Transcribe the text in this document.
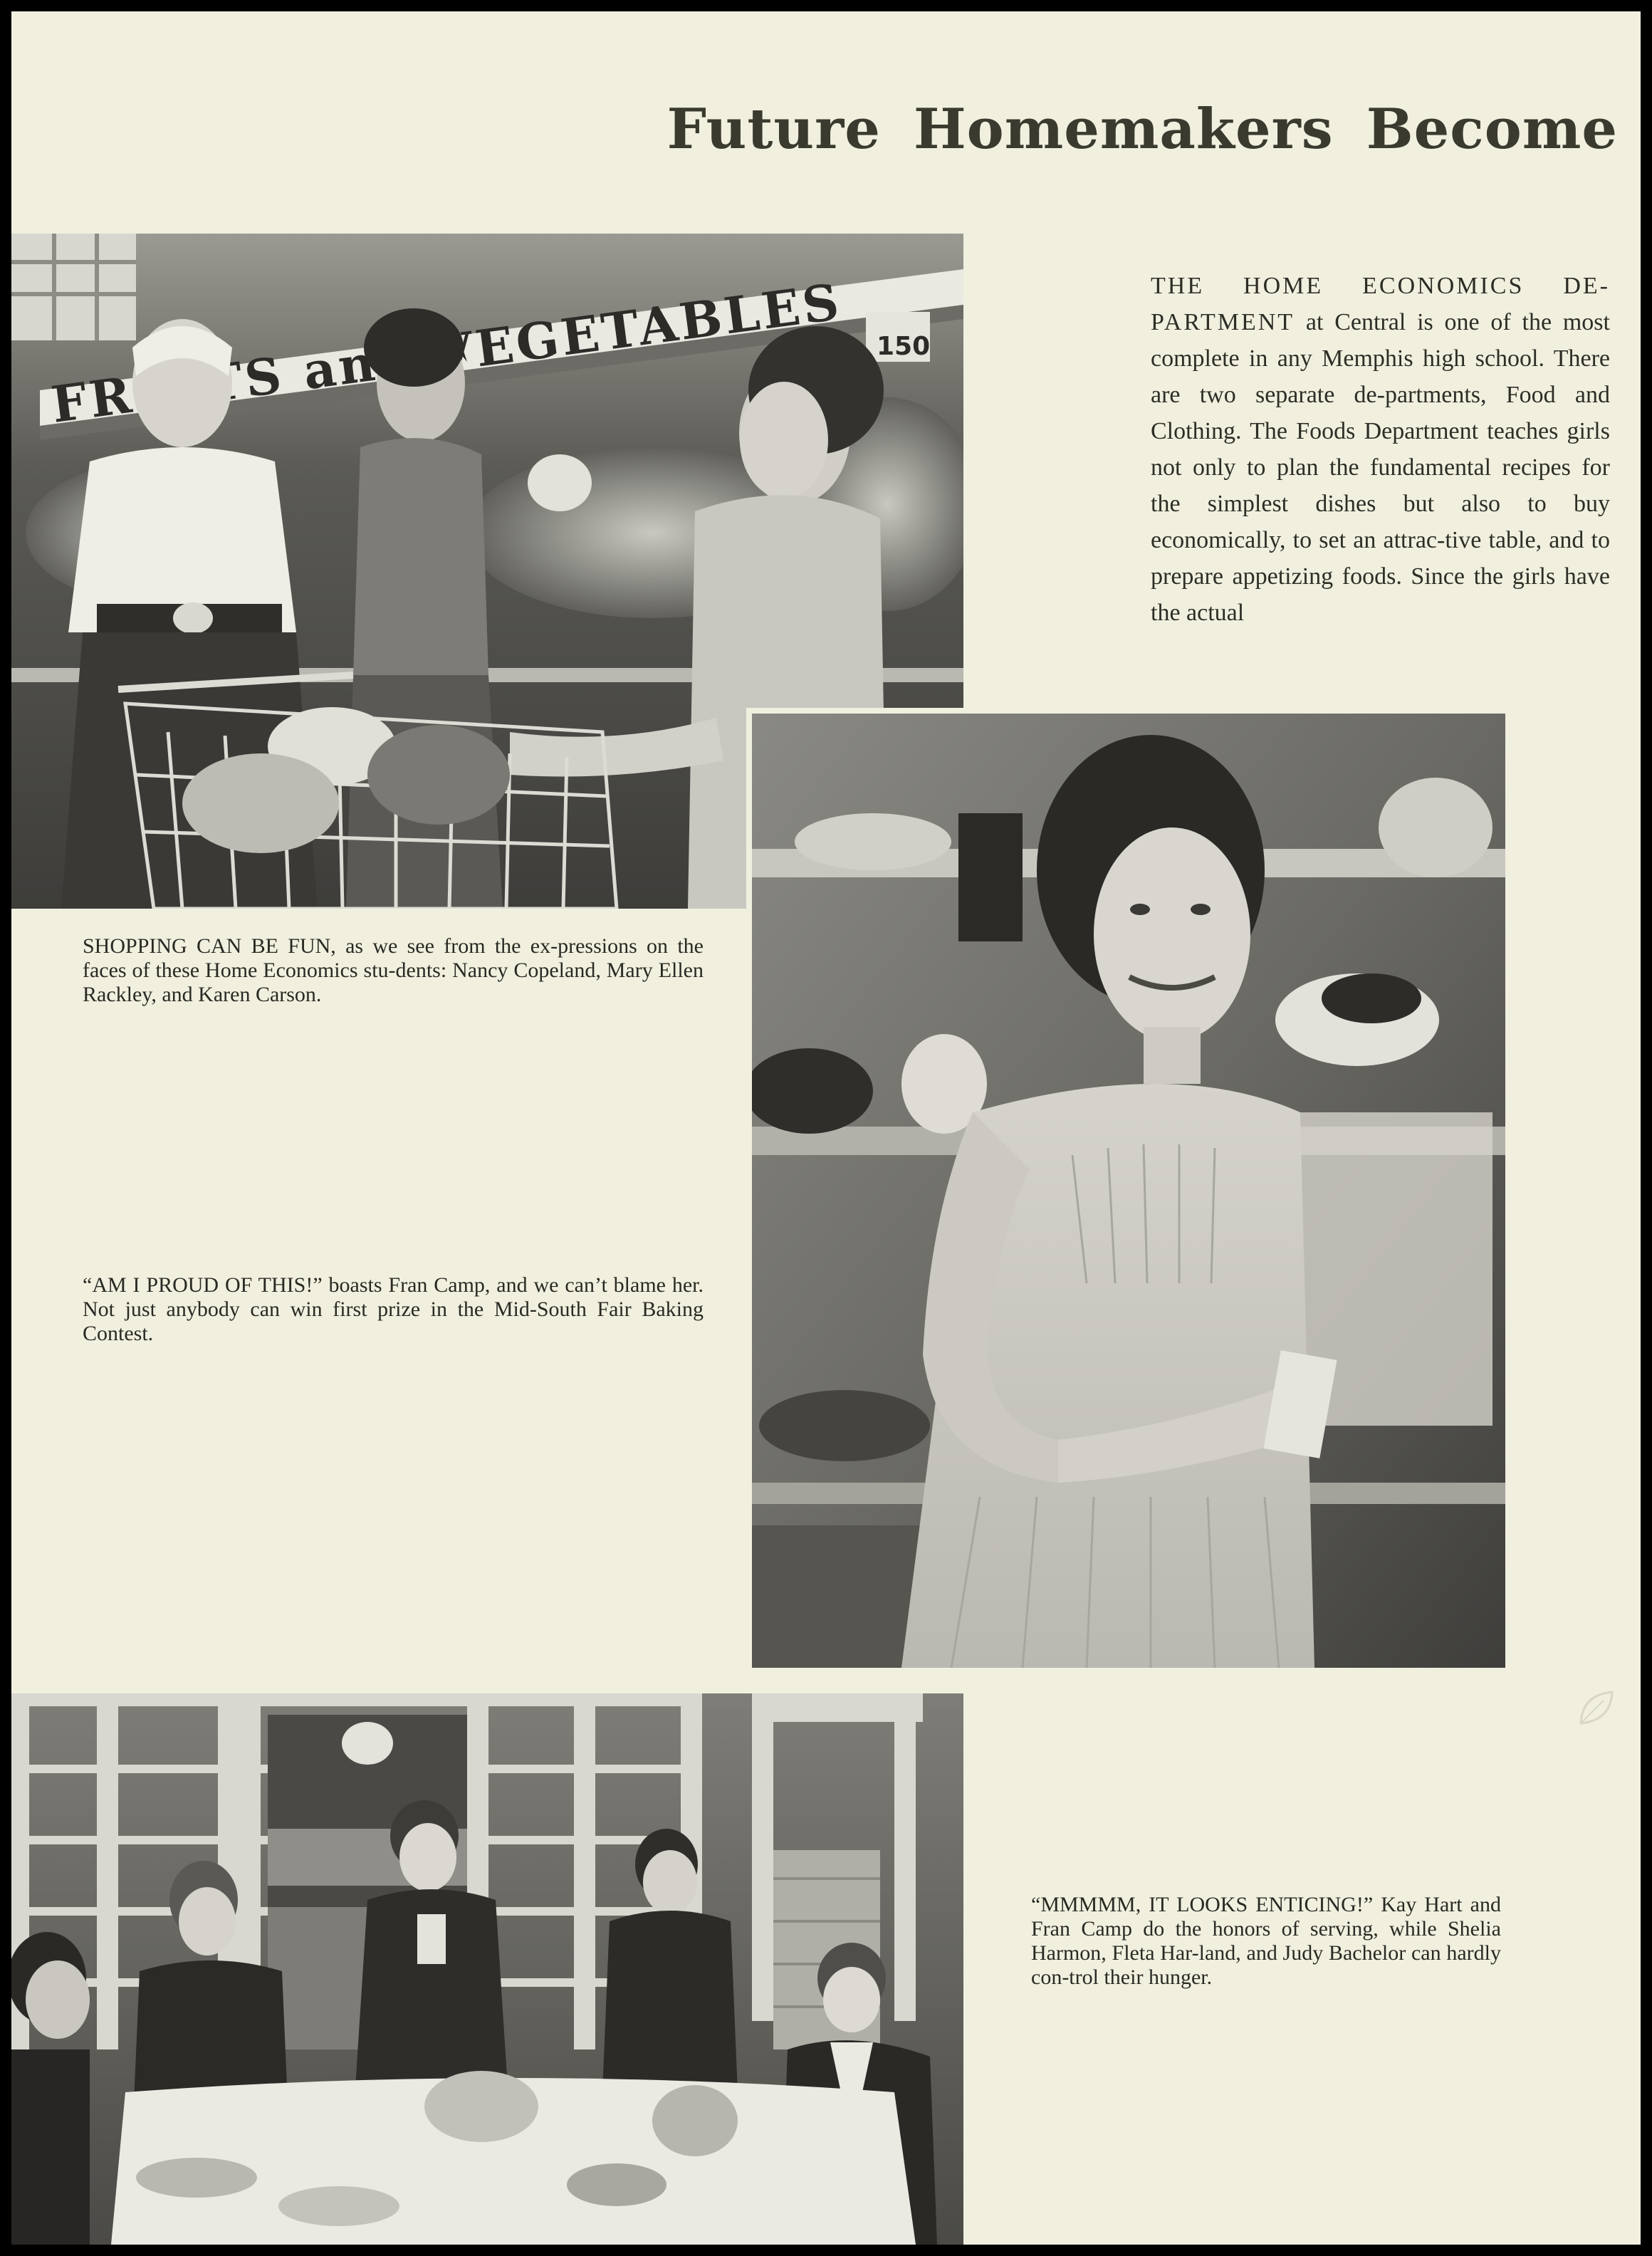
Future Homemakers Become
and VEGETABLES 150

THE HOME ECONOMICS DE-PARTMENT at Central is one of the most complete in any Memphis high school. There are two separate de-partments, Food and Clothing. The Foods Department teaches girls not only to plan the fundamental recipes for the simplest dishes but also to buy economically, to set an attrac-tive table, and to prepare appetizing foods. Since the girls have the actual

SHOPPING CAN BE FUN, as we see from the ex-pressions on the faces of these Home Economics stu-dents: Nancy Copeland, Mary Ellen Rackley, and Karen Carson.

“AM I PROUD OF THIS!” boasts Fran Camp, and we can’t blame her. Not just anybody can win first prize in the Mid-South Fair Baking Contest.

“MMMMM, IT LOOKS ENTICING!” Kay Hart and Fran Camp do the honors of serving, while Shelia Harmon, Fleta Har-land, and Judy Bachelor can hardly con-trol their hunger.
